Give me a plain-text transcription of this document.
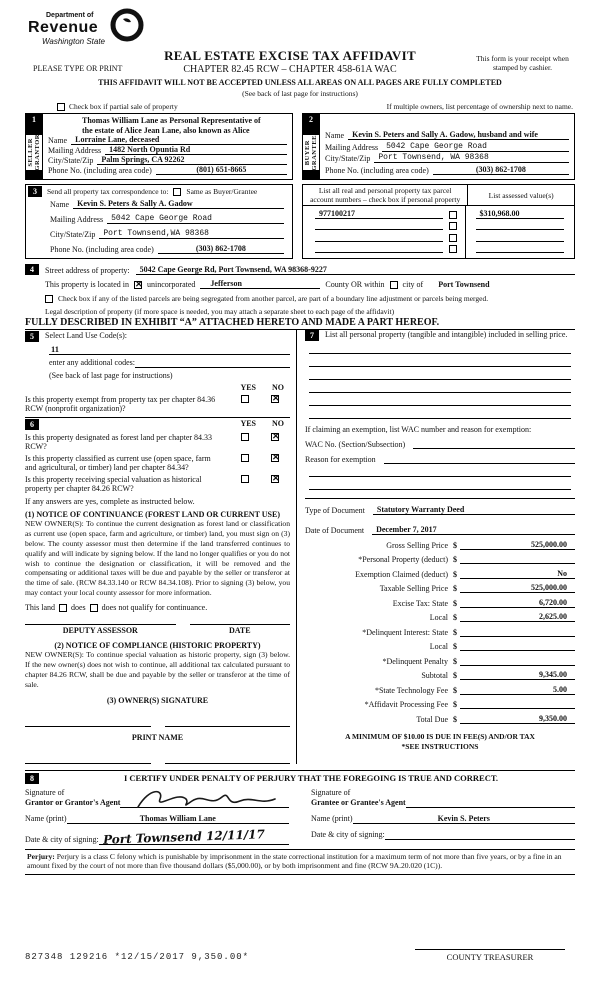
Department of
Revenue
Washington State
REAL ESTATE EXCISE TAX AFFIDAVIT
CHAPTER 82.45 RCW – CHAPTER 458-61A WAC
PLEASE TYPE OR PRINT
This form is your receipt when stamped by cashier.
THIS AFFIDAVIT WILL NOT BE ACCEPTED UNLESS ALL AREAS ON ALL PAGES ARE FULLY COMPLETED
(See back of last page for instructions)
Check box if partial sale of property	If multiple owners, list percentage of ownership next to name.
1
SELLER GRANTOR
Thomas William Lane as Personal Representative of
the estate of Alice Jean Lane, also known as Alice
Name	Lorraine Lane, deceased
Mailing Address	1482 North Opuntia Rd
City/State/Zip	Palm Springs, CA 92262
Phone No. (including area code)	(801) 651-8665
2
BUYER GRANTEE Name	Kevin S. Peters and Sally A. Gadow, husband and wife
Mailing Address	5042 Cape George Road
City/State/Zip	Port Townsend, WA 98368
Phone No. (including area code)	(303) 862-1708
3	Send all property tax correspondence to: Same as Buyer/Grantee
Name	Kevin S. Peters & Sally A. Gadow
Mailing Address	5042 Cape George Road
City/State/Zip	Port Townsend,WA 98368
Phone No. (including area code)	(303) 862-1708
List all real and personal property tax parcel account numbers – check box if personal property	List assessed value(s)
977100217	$310,968.00
4	Street address of property:	5042 Cape George Rd, Port Townsend, WA 98368-9227
This property is located in ✕ unincorporated	Jefferson	County OR within city of	Port Townsend
Check box if any of the listed parcels are being segregated from another parcel, are part of a boundary line adjustment or parcels being merged.
Legal description of property (if more space is needed, you may attach a separate sheet to each page of the affidavit)
FULLY DESCRIBED IN EXHIBIT “A” ATTACHED HERETO AND MADE A PART HEREOF.
5	Select Land Use Code(s):
11
enter any additional codes:
(See back of last page for instructions)
YES NO
Is this property exempt from property tax per chapter 84.36 RCW (nonprofit organization)?
✕
6	YES NO
Is this property designated as forest land per chapter 84.33 RCW?
✕
Is this property classified as current use (open space, farm and agricultural, or timber) land per chapter 84.34?
✕
Is this property receiving special valuation as historical property per chapter 84.26 RCW?
✕
If any answers are yes, complete as instructed below.
(1) NOTICE OF CONTINUANCE (FOREST LAND OR CURRENT USE)
NEW OWNER(S): To continue the current designation as forest land or classification as current use (open space, farm and agriculture, or timber) land, you must sign on (3) below. The county assessor must then determine if the land transferred continues to qualify and will indicate by signing below. If the land no longer qualifies or you do not wish to continue the designation or classification, it will be removed and the compensating or additional taxes will be due and payable by the seller or transferor at the time of sale. (RCW 84.33.140 or RCW 84.34.108). Prior to signing (3) below, you may contact your local county assessor for more information.
This land does does not qualify for continuance.
DEPUTY ASSESSOR	DATE
(2) NOTICE OF COMPLIANCE (HISTORIC PROPERTY)
NEW OWNER(S): To continue special valuation as historic property, sign (3) below. If the new owner(s) does not wish to continue, all additional tax calculated pursuant to chapter 84.26 RCW, shall be due and payable by the seller or transferor at the time of sale.
(3) OWNER(S) SIGNATURE
PRINT NAME
7	List all personal property (tangible and intangible) included in selling price.
If claiming an exemption, list WAC number and reason for exemption:
WAC No. (Section/Subsection)
Reason for exemption
Type of Document	Statutory Warranty Deed
Date of Document	December 7, 2017
Gross Selling Price $	525,000.00
*Personal Property (deduct) $
Exemption Claimed (deduct) $	No
Taxable Selling Price $	525,000.00
Excise Tax: State $	6,720.00
Local $	2,625.00
*Delinquent Interest: State $
Local $
*Delinquent Penalty $
Subtotal $	9,345.00
*State Technology Fee $	5.00
*Affidavit Processing Fee $
Total Due $	9,350.00
A MINIMUM OF $10.00 IS DUE IN FEE(S) AND/OR TAX
*SEE INSTRUCTIONS
8	I CERTIFY UNDER PENALTY OF PERJURY THAT THE FOREGOING IS TRUE AND CORRECT.
Signature of
Grantor or Grantor's Agent
Name (print)	Thomas William Lane
Date & city of signing: Port Townsend 12/11/17
Signature of
Grantee or Grantee's Agent
Name (print)	Kevin S. Peters
Date & city of signing:
Perjury: Perjury is a class C felony which is punishable by imprisonment in the state correctional institution for a maximum term of not more than five years, or by a fine in an amount fixed by the court of not more than five thousand dollars ($5,000.00), or by both imprisonment and fine (RCW 9A.20.020 (1C)).
827348 129216 *12/15/2017 9,350.00*	COUNTY TREASURER
